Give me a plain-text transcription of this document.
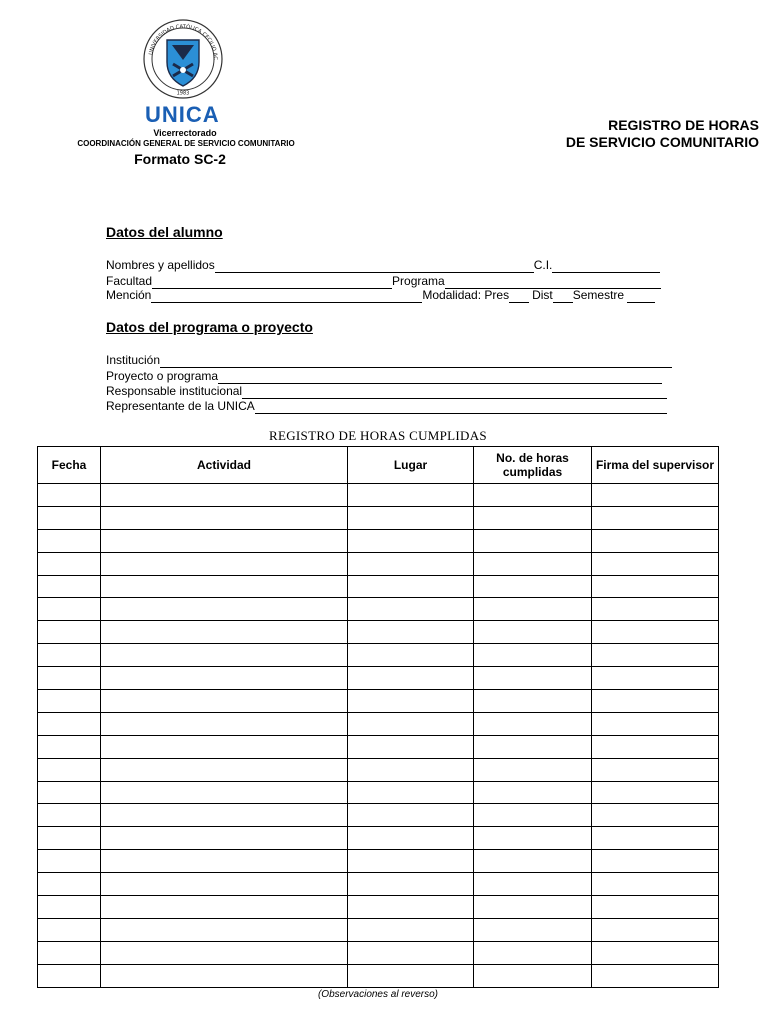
UNIVERSIDAD CATÓLICA CECILIO AC
1983
UNICA
Vicerrectorado
COORDINACIÓN GENERAL DE SERVICIO COMUNITARIO
Formato SC-2
REGISTRO DE HORAS
DE SERVICIO COMUNITARIO
Datos del alumno
Nombres y apellidos	C.I.
Facultad	Programa
Mención	Modalidad: Pres Dist Semestre
Datos del programa o proyecto
Institución
Proyecto o programa
Responsable institucional
Representante de la UNICA
REGISTRO DE HORAS CUMPLIDAS
Fecha	Actividad	Lugar	No. de horas cumplidas	Firma del supervisor

(Observaciones al reverso)
